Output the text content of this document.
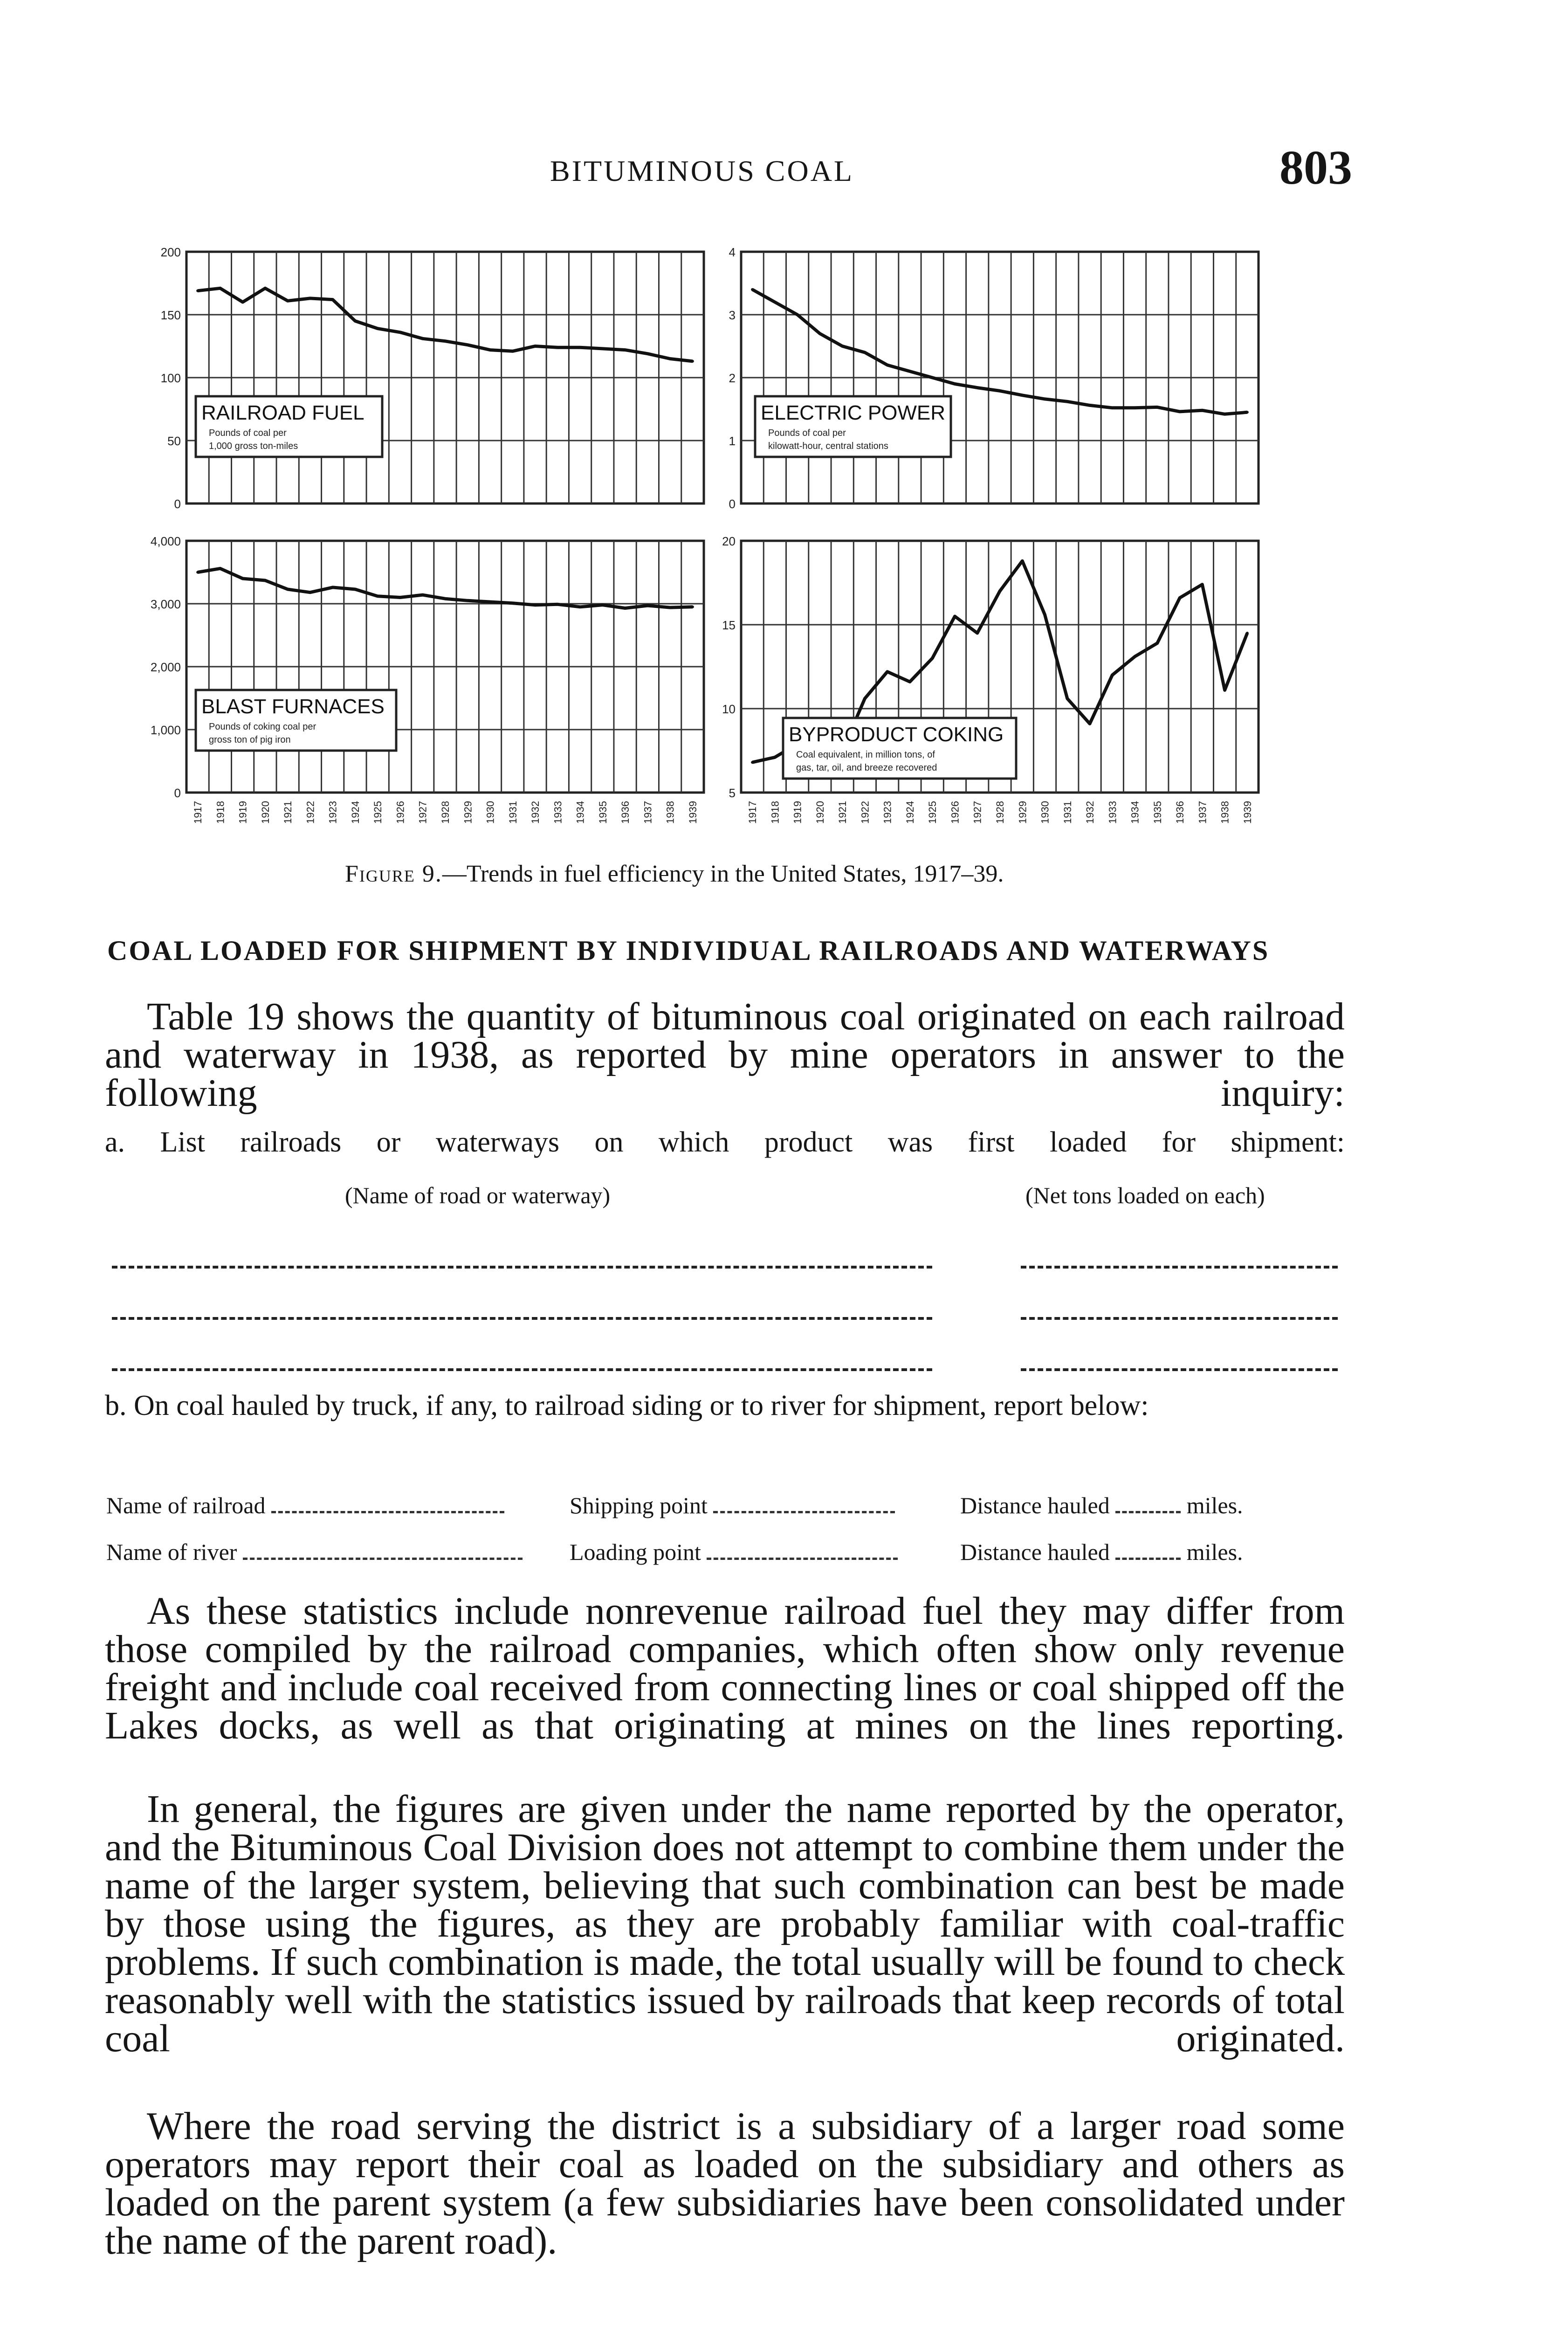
BITUMINOUS COAL	803
0
50
100
150
200
RAILROAD FUEL
Pounds of coal per
1,000 gross ton-miles
0
1
2
3
4
ELECTRIC POWER
Pounds of coal per
kilowatt-hour, central stations
0
1,000
2,000
3,000
4,000
BLAST FURNACES
Pounds of coking coal per
gross ton of pig iron
1917 1918 1919 1920 1921 1922 1923 1924 1925 1926 1927 1928 1929 1930 1931 1932 1933 1934 1935 1936 1937 1938 1939
5
10
15
20
BYPRODUCT COKING
Coal equivalent, in million tons, of
gas, tar, oil, and breeze recovered
1917 1918 1919 1920 1921 1922 1923 1924 1925 1926 1927 1928 1929 1930 1931 1932 1933 1934 1935 1936 1937 1938 1939
Figure 9.—Trends in fuel efficiency in the United States, 1917–39.
COAL LOADED FOR SHIPMENT BY INDIVIDUAL RAILROADS AND WATERWAYS
Table 19 shows the quantity of bituminous coal originated on each railroad and waterway in 1938, as reported by mine operators in answer to the following inquiry:
a. List railroads or waterways on which product was first loaded for shipment:
(Name of road or waterway)	(Net tons loaded on each)
b. On coal hauled by truck, if any, to railroad siding or to river for shipment, report below:
Name of railroad	Shipping point	Distance hauled	miles.
Name of river	Loading point	Distance hauled	miles.
As these statistics include nonrevenue railroad fuel they may differ from those compiled by the railroad companies, which often show only revenue freight and include coal received from connecting lines or coal shipped off the Lakes docks, as well as that originating at mines on the lines reporting.
In general, the figures are given under the name reported by the operator, and the Bituminous Coal Division does not attempt to combine them under the name of the larger system, believing that such combination can best be made by those using the figures, as they are probably familiar with coal-traffic problems. If such combination is made, the total usually will be found to check reasonably well with the statistics issued by railroads that keep records of total coal originated.
Where the road serving the district is a subsidiary of a larger road some operators may report their coal as loaded on the subsidiary and others as loaded on the parent system (a few subsidiaries have been consolidated under the name of the parent road).
